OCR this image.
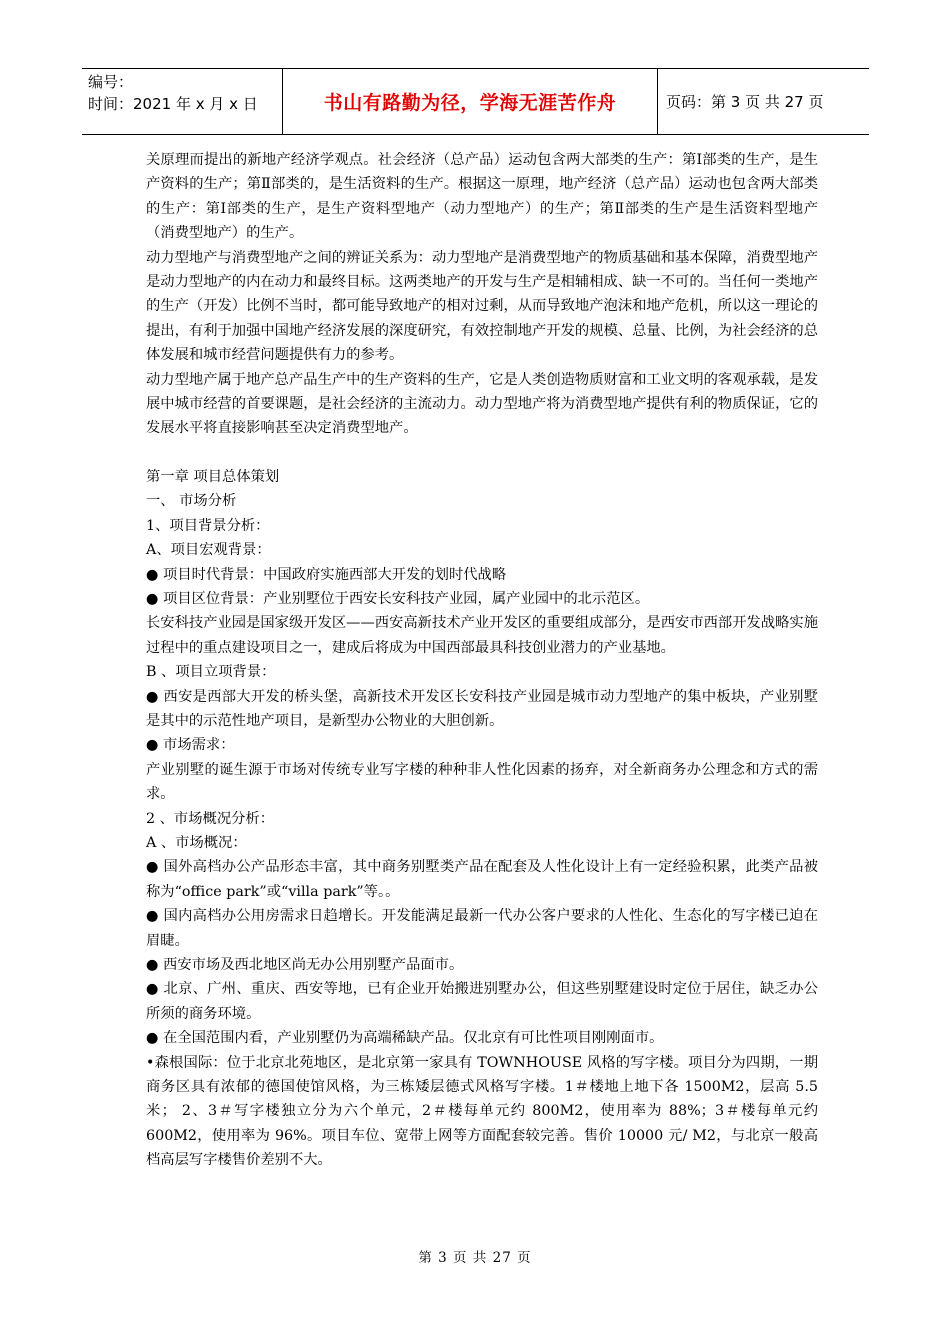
编号：
时间：2021 年 x 月 x 日	书山有路勤为径，学海无涯苦作舟	页码：第 3 页 共 27 页

关原理而提出的新地产经济学观点。社会经济（总产品）运动包含两大部类的生产：第Ⅰ部类的生产，是生产资料的生产；第Ⅱ部类的，是生活资料的生产。根据这一原理，地产经济（总产品）运动也包含两大部类的生产：第Ⅰ部类的生产，是生产资料型地产（动力型地产）的生产；第Ⅱ部类的生产是生活资料型地产（消费型地产）的生产。

动力型地产与消费型地产之间的辨证关系为：动力型地产是消费型地产的物质基础和基本保障，消费型地产是动力型地产的内在动力和最终目标。这两类地产的开发与生产是相辅相成、缺一不可的。当任何一类地产的生产（开发）比例不当时，都可能导致地产的相对过剩，从而导致地产泡沫和地产危机，所以这一理论的提出，有利于加强中国地产经济发展的深度研究，有效控制地产开发的规模、总量、比例，为社会经济的总体发展和城市经营问题提供有力的参考。

动力型地产属于地产总产品生产中的生产资料的生产，它是人类创造物质财富和工业文明的客观承载，是发展中城市经营的首要课题，是社会经济的主流动力。动力型地产将为消费型地产提供有利的物质保证，它的发展水平将直接影响甚至决定消费型地产。

第一章 项目总体策划

一、 市场分析

1、项目背景分析：

A、项目宏观背景：

● 项目时代背景：中国政府实施西部大开发的划时代战略

● 项目区位背景：产业别墅位于西安长安科技产业园，属产业园中的北示范区。

长安科技产业园是国家级开发区——西安高新技术产业开发区的重要组成部分，是西安市西部开发战略实施过程中的重点建设项目之一，建成后将成为中国西部最具科技创业潜力的产业基地。

B 、项目立项背景：

● 西安是西部大开发的桥头堡，高新技术开发区长安科技产业园是城市动力型地产的集中板块，产业别墅是其中的示范性地产项目，是新型办公物业的大胆创新。

● 市场需求：

产业别墅的诞生源于市场对传统专业写字楼的种种非人性化因素的扬弃，对全新商务办公理念和方式的需求。

2 、市场概况分析：

A 、市场概况：

● 国外高档办公产品形态丰富，其中商务别墅类产品在配套及人性化设计上有一定经验积累，此类产品被称为“office park”或“villa park”等。。

● 国内高档办公用房需求日趋增长。开发能满足最新一代办公客户要求的人性化、生态化的写字楼已迫在眉睫。

● 西安市场及西北地区尚无办公用别墅产品面市。

● 北京、广州、重庆、西安等地，已有企业开始搬进别墅办公，但这些别墅建设时定位于居住，缺乏办公所须的商务环境。

● 在全国范围内看，产业别墅仍为高端稀缺产品。仅北京有可比性项目刚刚面市。

•森根国际：位于北京北苑地区，是北京第一家具有 TOWNHOUSE 风格的写字楼。项目分为四期，一期商务区具有浓郁的德国使馆风格，为三栋矮层德式风格写字楼。1＃楼地上地下各 1500M2，层高 5.5 米； 2、3＃写字楼独立分为六个单元，2＃楼每单元约 800M2，使用率为 88%；3＃楼每单元约 600M2，使用率为 96%。项目车位、宽带上网等方面配套较完善。售价 10000 元/ M2，与北京一般高档高层写字楼售价差别不大。

第 3 页 共 27 页
